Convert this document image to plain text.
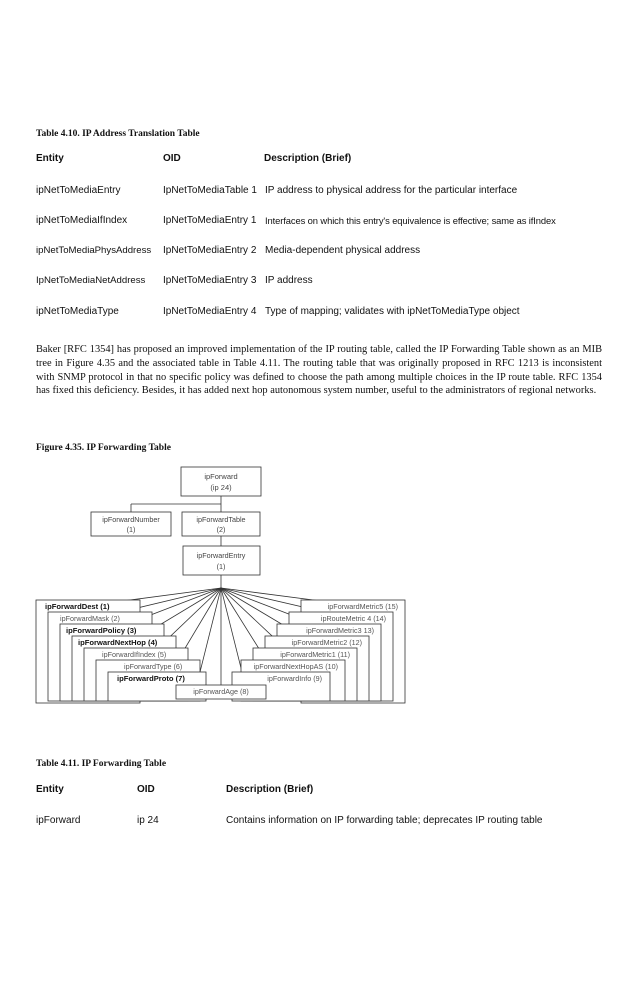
Table 4.10. IP Address Translation Table
Entity	OID	Description (Brief)
ipNetToMediaEntry	IpNetToMediaTable 1 IP address to physical address for the particular interface
ipNetToMediaIfIndex	IpNetToMediaEntry 1 Interfaces on which this entry's equivalence is effective; same as ifIndex
ipNetToMediaPhysAddress IpNetToMediaEntry 2 Media-dependent physical address
IpNetToMediaNetAddress IpNetToMediaEntry 3 IP address
ipNetToMediaType	IpNetToMediaEntry 4 Type of mapping; validates with ipNetToMediaType object
Baker [RFC 1354] has proposed an improved implementation of the IP routing table, called the IP Forwarding Table shown as an MIB tree in Figure 4.35 and the associated table in Table 4.11. The routing table that was originally proposed in RFC 1213 is inconsistent with SNMP protocol in that no specific policy was defined to choose the path among multiple choices in the IP route table. RFC 1354 has fixed this deficiency. Besides, it has added next hop autonomous system number, useful to the administrators of regional networks.
Figure 4.35. IP Forwarding Table
ipForward
(ip 24)
ipForwardNumber
(1)
ipForwardTable
(2)
ipForwardEntry
(1)
ipForwardDest (1)
ipForwardMask (2)
ipForwardPolicy (3)
ipForwardNextHop (4)
ipForwardIfIndex (5)
ipForwardType (6)
ipForwardProto (7)
ipForwardAge (8)
ipForwardMetric5 (15)
ipRouteMetric 4 (14)
ipForwardMetric3 13)
ipForwardMetric2 (12)
ipForwardMetric1 (11)
ipForwardNextHopAS (10)
ipForwardInfo (9)
Table 4.11. IP Forwarding Table
Entity	OID	Description (Brief)
ipForward	ip 24	Contains information on IP forwarding table; deprecates IP routing table
